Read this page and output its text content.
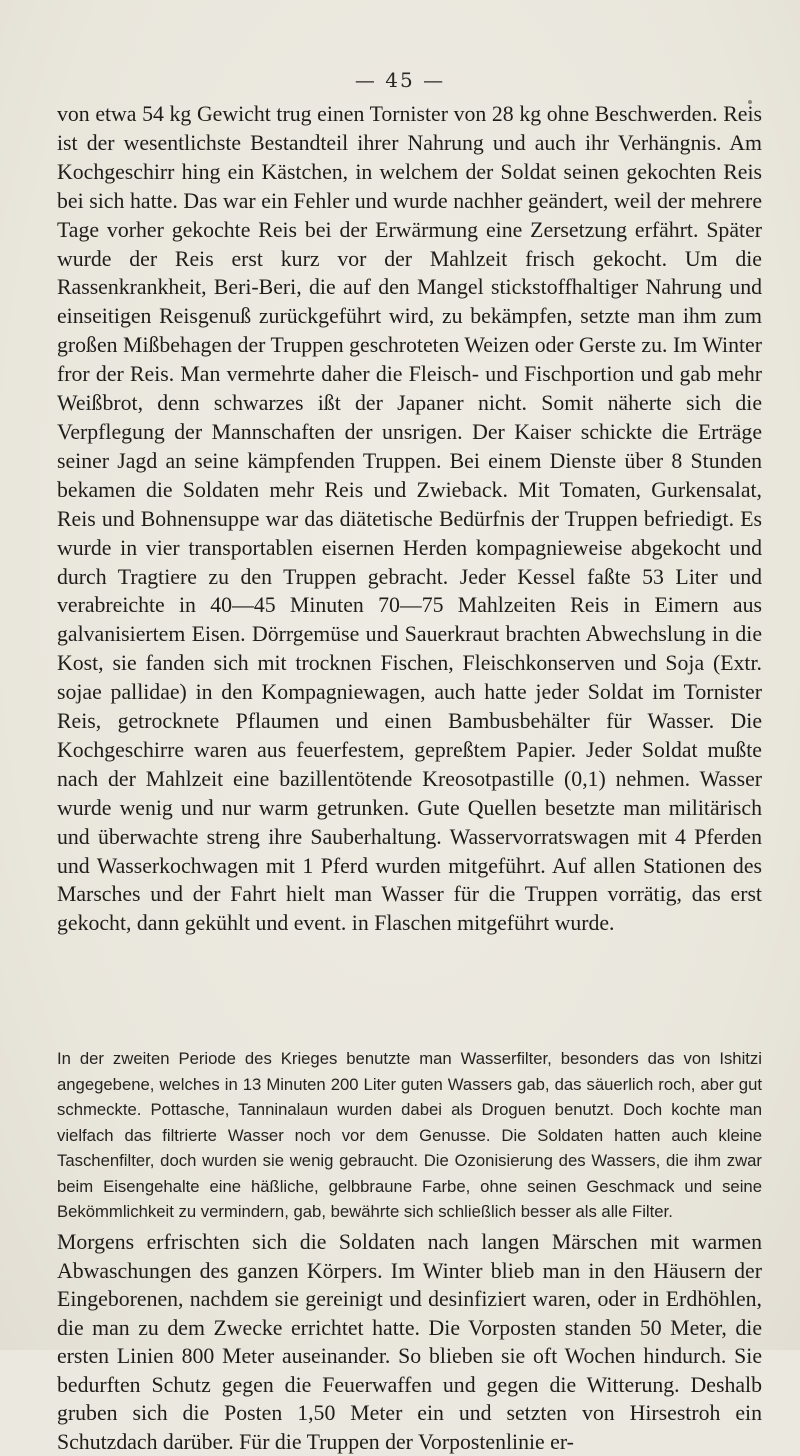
— 45 —

von etwa 54 kg Gewicht trug einen Tornister von 28 kg ohne Beschwerden. Reis ist der wesentlichste Bestandteil ihrer Nahrung und auch ihr Verhängnis. Am Kochgeschirr hing ein Kästchen, in welchem der Soldat seinen gekochten Reis bei sich hatte. Das war ein Fehler und wurde nachher geändert, weil der mehrere Tage vorher gekochte Reis bei der Erwärmung eine Zersetzung erfährt. Später wurde der Reis erst kurz vor der Mahlzeit frisch gekocht. Um die Rassenkrankheit, Beri-Beri, die auf den Mangel stickstoffhaltiger Nahrung und einseitigen Reisgenuß zurückgeführt wird, zu bekämpfen, setzte man ihm zum großen Mißbehagen der Truppen geschroteten Weizen oder Gerste zu. Im Winter fror der Reis. Man vermehrte daher die Fleisch- und Fischportion und gab mehr Weißbrot, denn schwarzes ißt der Japaner nicht. Somit näherte sich die Verpflegung der Mannschaften der unsrigen. Der Kaiser schickte die Erträge seiner Jagd an seine kämpfenden Truppen. Bei einem Dienste über 8 Stunden bekamen die Soldaten mehr Reis und Zwieback. Mit Tomaten, Gurkensalat, Reis und Bohnensuppe war das diätetische Bedürfnis der Truppen befriedigt. Es wurde in vier transportablen eisernen Herden kompagnieweise abgekocht und durch Tragtiere zu den Truppen gebracht. Jeder Kessel faßte 53 Liter und verabreichte in 40—45 Minuten 70—75 Mahlzeiten Reis in Eimern aus galvanisiertem Eisen. Dörrgemüse und Sauerkraut brachten Abwechslung in die Kost, sie fanden sich mit trocknen Fischen, Fleischkonserven und Soja (Extr. sojae pallidae) in den Kompagniewagen, auch hatte jeder Soldat im Tornister Reis, getrocknete Pflaumen und einen Bambusbehälter für Wasser. Die Kochgeschirre waren aus feuerfestem, gepreßtem Papier. Jeder Soldat mußte nach der Mahlzeit eine bazillentötende Kreosotpastille (0,1) nehmen. Wasser wurde wenig und nur warm getrunken. Gute Quellen besetzte man militärisch und überwachte streng ihre Sauberhaltung. Wasservorratswagen mit 4 Pferden und Wasserkochwagen mit 1 Pferd wurden mitgeführt. Auf allen Stationen des Marsches und der Fahrt hielt man Wasser für die Truppen vorrätig, das erst gekocht, dann gekühlt und event. in Flaschen mitgeführt wurde.

In der zweiten Periode des Krieges benutzte man Wasserfilter, besonders das von Ishitzi angegebene, welches in 13 Minuten 200 Liter guten Wassers gab, das säuerlich roch, aber gut schmeckte. Pottasche, Tanninalaun wurden dabei als Droguen benutzt. Doch kochte man vielfach das filtrierte Wasser noch vor dem Genusse. Die Soldaten hatten auch kleine Taschenfilter, doch wurden sie wenig gebraucht. Die Ozonisierung des Wassers, die ihm zwar beim Eisengehalte eine häßliche, gelbbraune Farbe, ohne seinen Geschmack und seine Bekömmlichkeit zu vermindern, gab, bewährte sich schließlich besser als alle Filter.

Morgens erfrischten sich die Soldaten nach langen Märschen mit warmen Abwaschungen des ganzen Körpers. Im Winter blieb man in den Häusern der Eingeborenen, nachdem sie gereinigt und desinfiziert waren, oder in Erdhöhlen, die man zu dem Zwecke errichtet hatte. Die Vorposten standen 50 Meter, die ersten Linien 800 Meter auseinander. So blieben sie oft Wochen hindurch. Sie bedurften Schutz gegen die Feuerwaffen und gegen die Witterung. Deshalb gruben sich die Posten 1,50 Meter ein und setzten von Hirsestroh ein Schutzdach darüber. Für die Truppen der Vorpostenlinie er-
